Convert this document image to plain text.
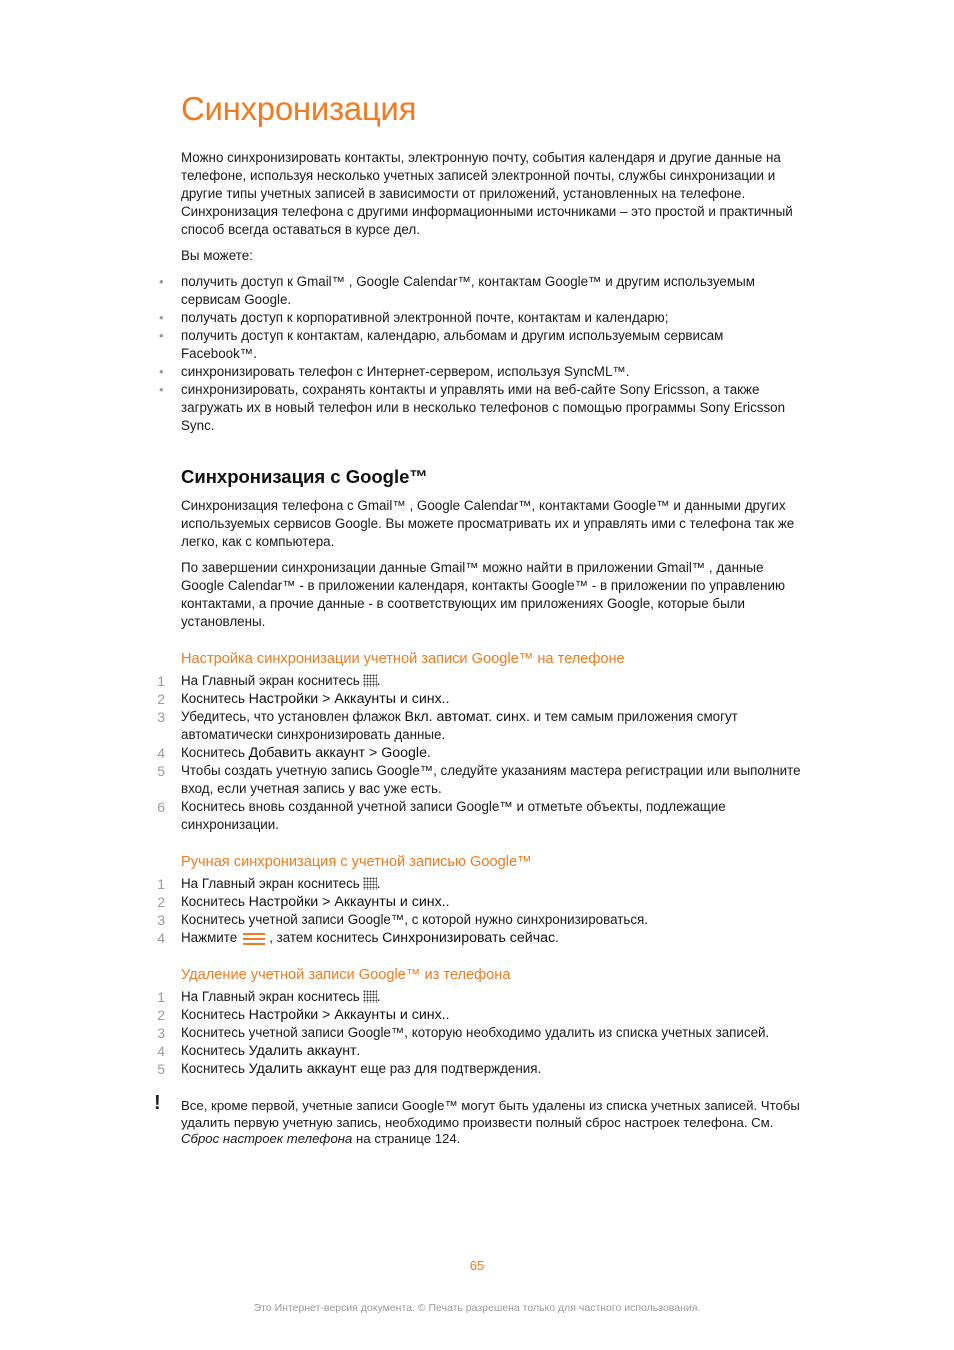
Синхронизация

Можно синхронизировать контакты, электронную почту, события календаря и другие данные на телефоне, используя несколько учетных записей электронной почты, службы синхронизации и другие типы учетных записей в зависимости от приложений, установленных на телефоне. Синхронизация телефона с другими информационными источниками – это простой и практичный способ всегда оставаться в курсе дел.

Вы можете:

• получить доступ к Gmail™ , Google Calendar™, контактам Google™ и другим используемым сервисам Google.
• получать доступ к корпоративной электронной почте, контактам и календарю;
• получить доступ к контактам, календарю, альбомам и другим используемым сервисам Facebook™.
• синхронизировать телефон с Интернет-сервером, используя SyncML™.
• синхронизировать, сохранять контакты и управлять ими на веб-сайте Sony Ericsson, а также загружать их в новый телефон или в несколько телефонов с помощью программы Sony Ericsson Sync.
Синхронизация с Google™

Синхронизация телефона с Gmail™ , Google Calendar™, контактами Google™ и данными других используемых сервисов Google. Вы можете просматривать их и управлять ими с телефона так же легко, как с компьютера.

По завершении синхронизации данные Gmail™ можно найти в приложении Gmail™ , данные Google Calendar™ - в приложении календаря, контакты Google™ - в приложении по управлению контактами, а прочие данные - в соответствующих им приложениях Google, которые были установлены.

Настройка синхронизации учетной записи Google™ на телефоне
1 На Главный экран коснитесь .
2 Коснитесь Настройки > Аккаунты и синх..
3 Убедитесь, что установлен флажок Вкл. автомат. синх. и тем самым приложения смогут автоматически синхронизировать данные.
4 Коснитесь Добавить аккаунт > Google.
5 Чтобы создать учетную запись Google™, следуйте указаниям мастера регистрации или выполните вход, если учетная запись у вас уже есть.
6 Коснитесь вновь созданной учетной записи Google™ и отметьте объекты, подлежащие синхронизации.
Ручная синхронизация с учетной записью Google™
1 На Главный экран коснитесь .
2 Коснитесь Настройки > Аккаунты и синх..
3 Коснитесь учетной записи Google™, с которой нужно синхронизироваться.
4 Нажмите , затем коснитесь Синхронизировать сейчас.
Удаление учетной записи Google™ из телефона
1 На Главный экран коснитесь .
2 Коснитесь Настройки > Аккаунты и синх..
3 Коснитесь учетной записи Google™, которую необходимо удалить из списка учетных записей.
4 Коснитесь Удалить аккаунт.
5 Коснитесь Удалить аккаунт еще раз для подтверждения.
! Все, кроме первой, учетные записи Google™ могут быть удалены из списка учетных записей. Чтобы удалить первую учетную запись, необходимо произвести полный сброс настроек телефона. См. Сброс настроек телефона на странице 124.
65
Это Интернет-версия документа. © Печать разрешена только для частного использования.
